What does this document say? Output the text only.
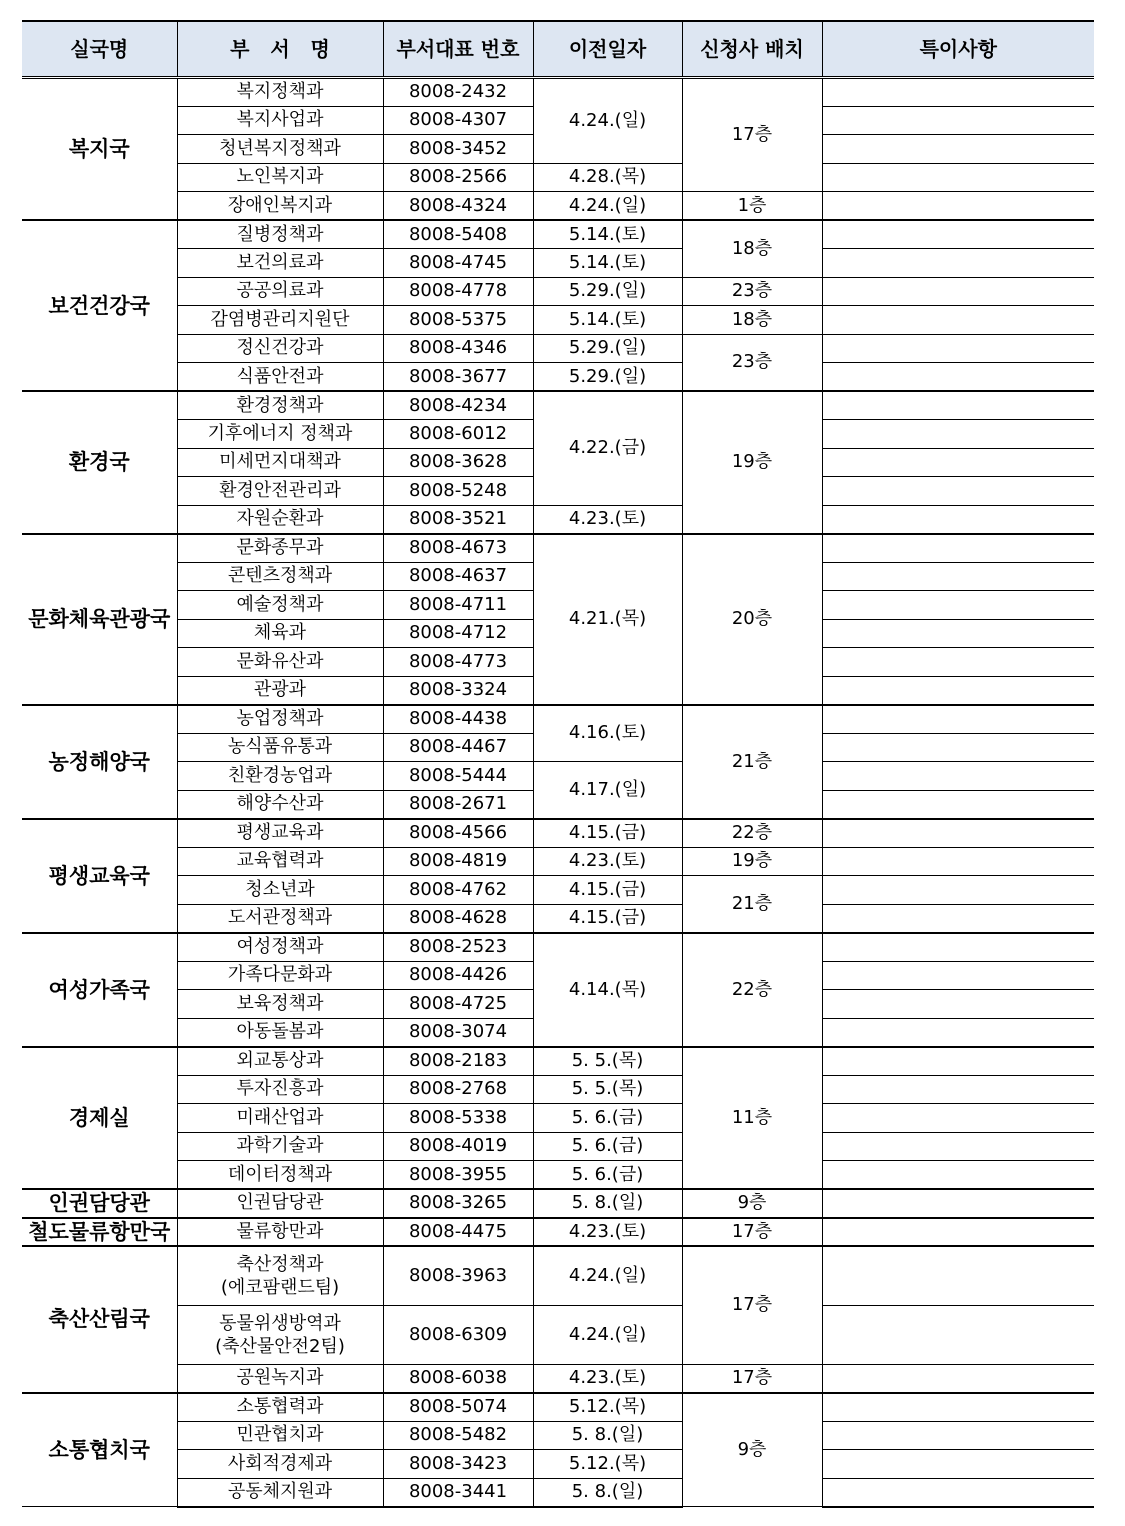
실국명	부   서   명	부서대표 번호	이전일자	신청사 배치	특이사항
복지국	복지정책과	8008-2432	4.24.(일)	17층	

	복지사업과	8008-4307			

	청년복지정책과	8008-3452			

	노인복지과	8008-2566	4.28.(목)		

	장애인복지과	8008-4324	4.24.(일)	1층	
보건건강국	질병정책과	8008-5408	5.14.(토)	18층	

	보건의료과	8008-4745	5.14.(토)		

	공공의료과	8008-4778	5.29.(일)	23층	

	감염병관리지원단	8008-5375	5.14.(토)	18층	

	정신건강과	8008-4346	5.29.(일)	23층	

	식품안전과	8008-3677	5.29.(일)		
환경국	환경정책과	8008-4234	4.22.(금)	19층	

	기후에너지 정책과	8008-6012			

	미세먼지대책과	8008-3628			

	환경안전관리과	8008-5248			

	자원순환과	8008-3521	4.23.(토)		
문화체육관광국	문화종무과	8008-4673	4.21.(목)	20층	

	콘텐츠정책과	8008-4637			

	예술정책과	8008-4711			

	체육과	8008-4712			

	문화유산과	8008-4773			

	관광과	8008-3324			
농정해양국	농업정책과	8008-4438	4.16.(토)	21층	

	농식품유통과	8008-4467			

	친환경농업과	8008-5444	4.17.(일)		

	해양수산과	8008-2671			
평생교육국	평생교육과	8008-4566	4.15.(금)	22층	

	교육협력과	8008-4819	4.23.(토)	19층	

	청소년과	8008-4762	4.15.(금)	21층	

	도서관정책과	8008-4628	4.15.(금)		
여성가족국	여성정책과	8008-2523	4.14.(목)	22층	

	가족다문화과	8008-4426			

	보육정책과	8008-4725			

	아동돌봄과	8008-3074			
경제실	외교통상과	8008-2183	5. 5.(목)	11층	

	투자진흥과	8008-2768	5. 5.(목)		

	미래산업과	8008-5338	5. 6.(금)		

	과학기술과	8008-4019	5. 6.(금)		

	데이터정책과	8008-3955	5. 6.(금)		
인권담당관	인권담당관	8008-3265	5. 8.(일)	9층	
철도물류항만국	물류항만과	8008-4475	4.23.(토)	17층	
축산산림국	축산정책과
(에코팜랜드팀)	8008-3963	4.24.(일)	17층	

	동물위생방역과
(축산물안전2팀)	8008-6309	4.24.(일)		

	공원녹지과	8008-6038	4.23.(토)	17층	
소통협치국	소통협력과	8008-5074	5.12.(목)	9층	

	민관협치과	8008-5482	5. 8.(일)		

	사회적경제과	8008-3423	5.12.(목)		

	공동체지원과	8008-3441	5. 8.(일)		
